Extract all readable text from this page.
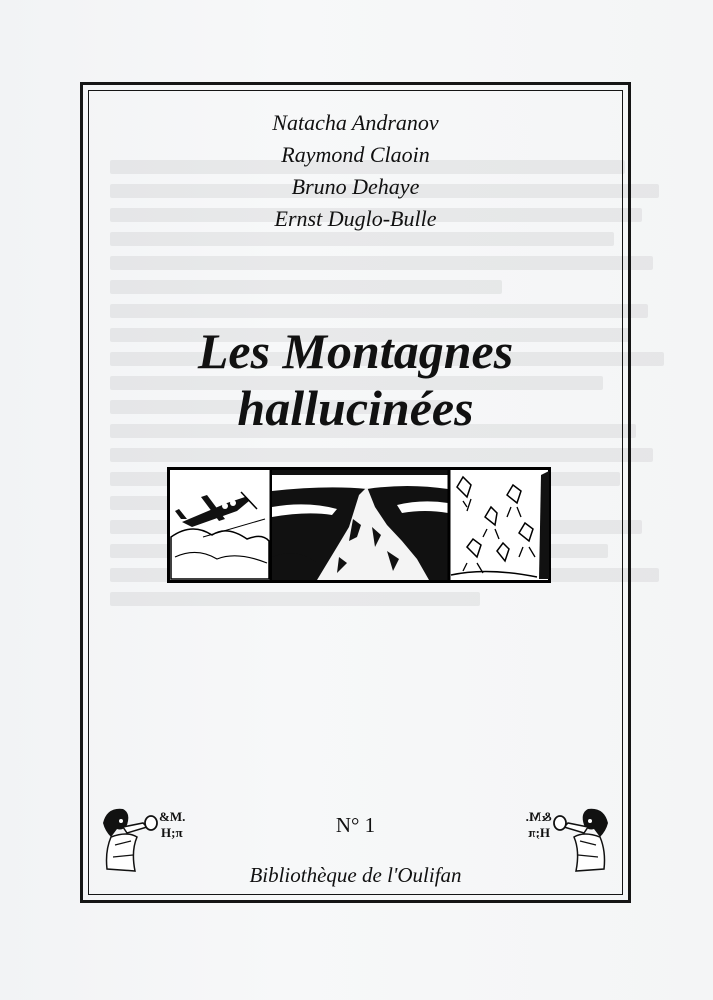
Natacha Andranov
Raymond Claoin
Bruno Dehaye
Ernst Duglo-Bulle
Les Montagnes
hallucinées
&M.
H;π
&M.
H;π
N° 1
Bibliothèque de l'Oulifan
